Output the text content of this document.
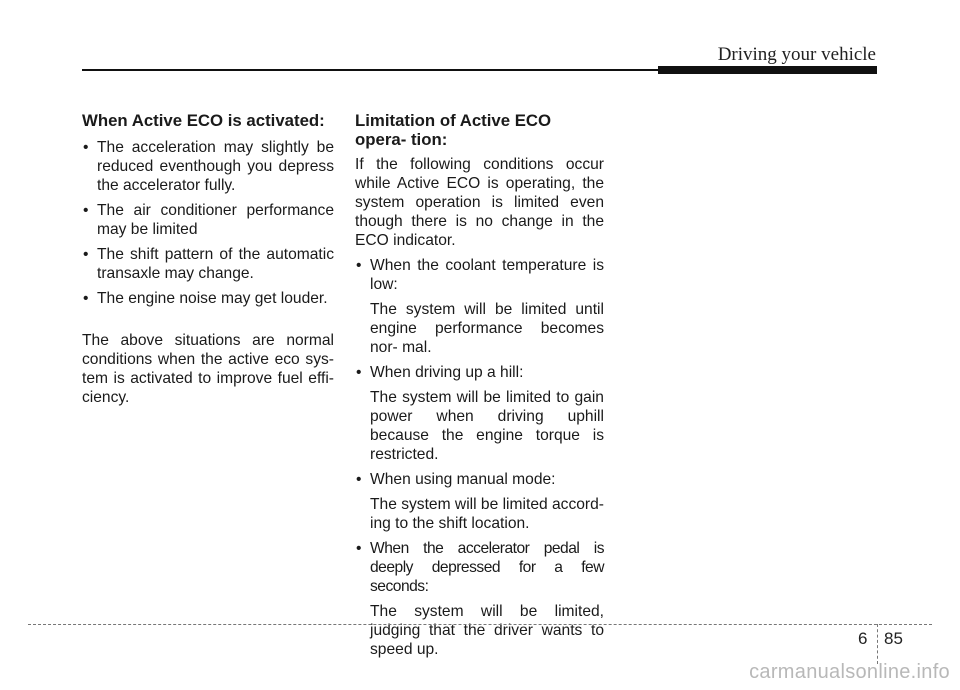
Driving your vehicle
When Active ECO is activated:
• The acceleration may slightly be reduced eventhough you depress the accelerator fully.
• The air conditioner performance may be limited
• The shift pattern of the automatic transaxle may change.
• The engine noise may get louder.

The above situations are normal conditions when the active eco sys- tem is activated to improve fuel effi- ciency.

Limitation of Active ECO opera- tion:

If the following conditions occur while Active ECO is operating, the system operation is limited even though there is no change in the ECO indicator.

• When the coolant temperature is low:
The system will be limited until engine performance becomes nor- mal.
• When driving up a hill:
The system will be limited to gain power when driving uphill because the engine torque is restricted.
• When using manual mode:
The system will be limited accord- ing to the shift location.
• When the accelerator pedal is deeply depressed for a few seconds:
The system will be limited, judging that the driver wants to speed up.
6 85
carmanualsonline.info
